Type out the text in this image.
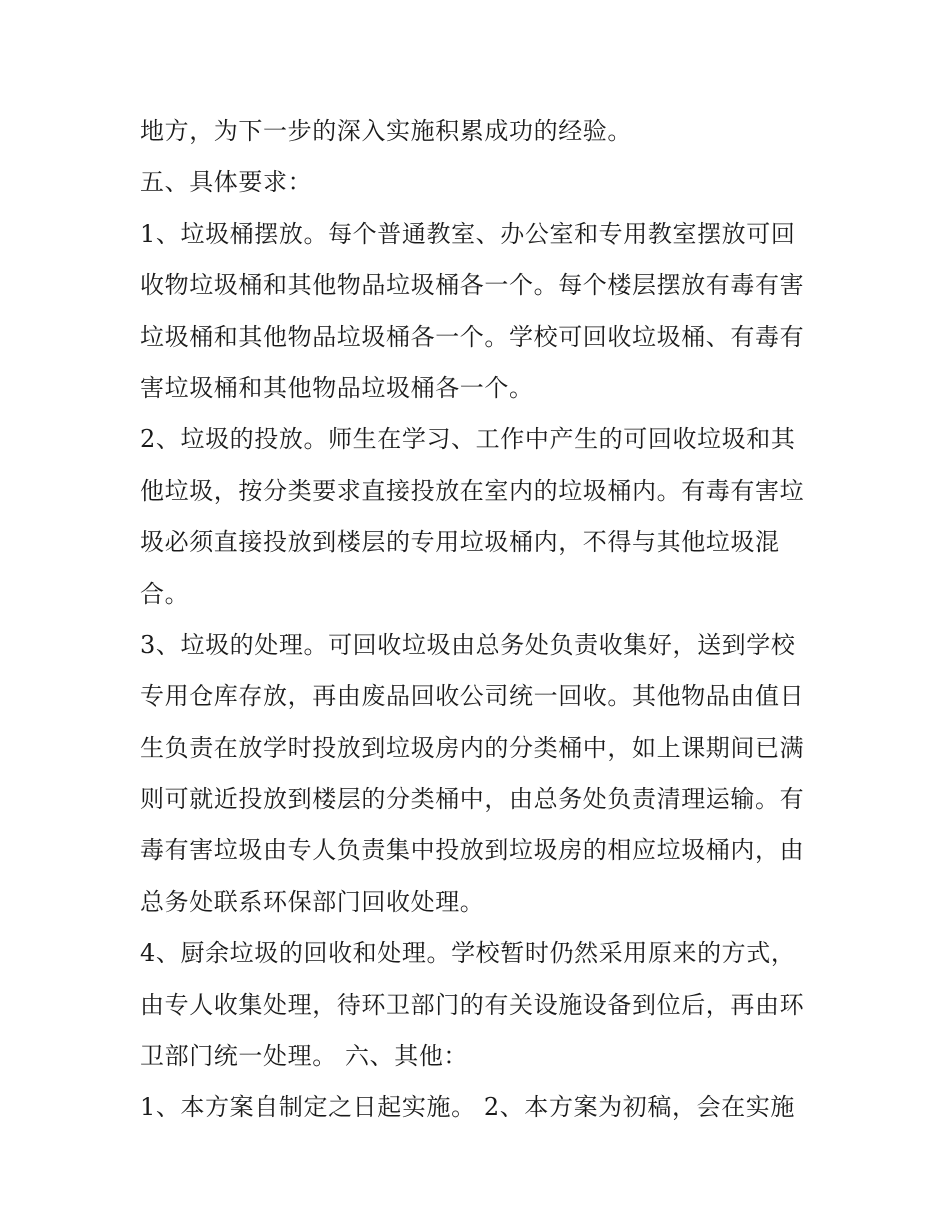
地方，为下一步的深入实施积累成功的经验。
五、具体要求：
1、垃圾桶摆放。每个普通教室、办公室和专用教室摆放可回
收物垃圾桶和其他物品垃圾桶各一个。每个楼层摆放有毒有害
垃圾桶和其他物品垃圾桶各一个。学校可回收垃圾桶、有毒有
害垃圾桶和其他物品垃圾桶各一个。
2、垃圾的投放。师生在学习、工作中产生的可回收垃圾和其
他垃圾，按分类要求直接投放在室内的垃圾桶内。有毒有害垃
圾必须直接投放到楼层的专用垃圾桶内，不得与其他垃圾混
合。
3、垃圾的处理。可回收垃圾由总务处负责收集好，送到学校
专用仓库存放，再由废品回收公司统一回收。其他物品由值日
生负责在放学时投放到垃圾房内的分类桶中，如上课期间已满
则可就近投放到楼层的分类桶中，由总务处负责清理运输。有
毒有害垃圾由专人负责集中投放到垃圾房的相应垃圾桶内，由
总务处联系环保部门回收处理。
4、厨余垃圾的回收和处理。学校暂时仍然采用原来的方式，
由专人收集处理，待环卫部门的有关设施设备到位后，再由环
卫部门统一处理。 六、其他：
1、本方案自制定之日起实施。 2、本方案为初稿，会在实施
